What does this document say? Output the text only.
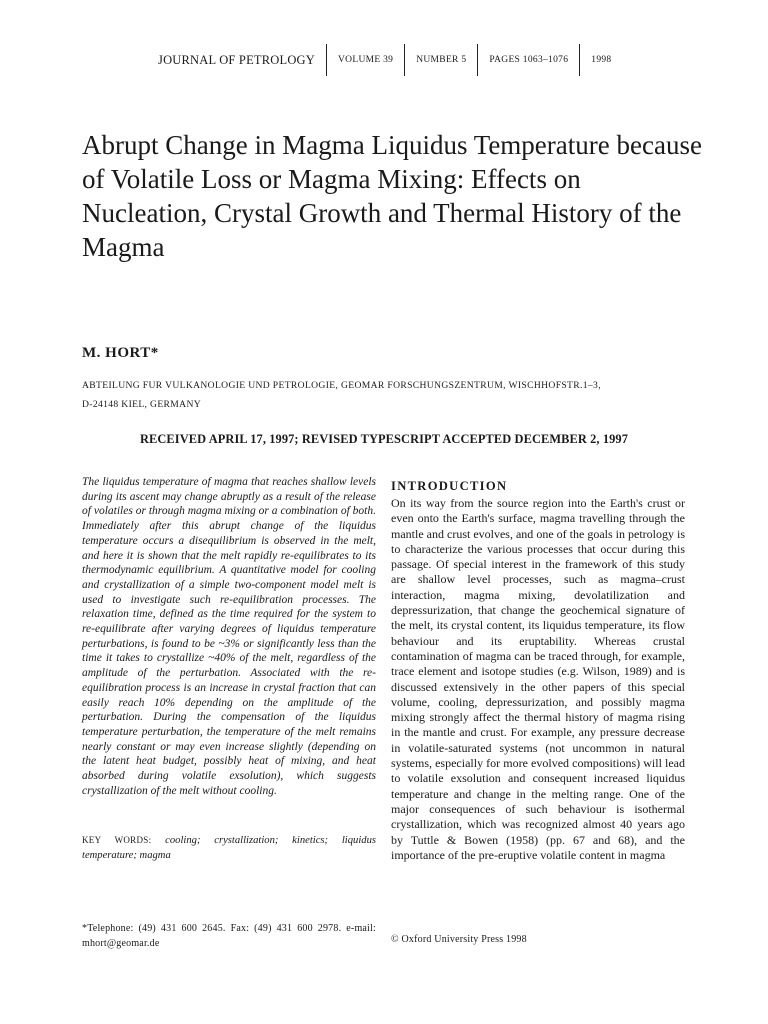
JOURNAL OF PETROLOGY	VOLUME 39	NUMBER 5	PAGES 1063–1076	1998
Abrupt Change in Magma Liquidus Temperature because of Volatile Loss or Magma Mixing: Effects on Nucleation, Crystal Growth and Thermal History of the Magma
M. HORT*
ABTEILUNG FUR VULKANOLOGIE UND PETROLOGIE, GEOMAR FORSCHUNGSZENTRUM, WISCHHOFSTR.1–3,
D-24148 KIEL, GERMANY
RECEIVED APRIL 17, 1997; REVISED TYPESCRIPT ACCEPTED DECEMBER 2, 1997

The liquidus temperature of magma that reaches shallow levels during its ascent may change abruptly as a result of the release of volatiles or through magma mixing or a combination of both. Immediately after this abrupt change of the liquidus temperature occurs a disequilibrium is observed in the melt, and here it is shown that the melt rapidly re-equilibrates to its thermodynamic equilibrium. A quantitative model for cooling and crystallization of a simple two-component model melt is used to investigate such re-equilibration processes. The relaxation time, defined as the time required for the system to re-equilibrate after varying degrees of liquidus temperature perturbations, is found to be ~3% or significantly less than the time it takes to crystallize ~40% of the melt, regardless of the amplitude of the perturbation. Associated with the re-equilibration process is an increase in crystal fraction that can easily reach 10% depending on the amplitude of the perturbation. During the compensation of the liquidus temperature perturbation, the temperature of the melt remains nearly constant or may even increase slightly (depending on the latent heat budget, possibly heat of mixing, and heat absorbed during volatile exsolution), which suggests crystallization of the melt without cooling.

KEY WORDS: cooling; crystallization; kinetics; liquidus temperature; magma
INTRODUCTION

On its way from the source region into the Earth's crust or even onto the Earth's surface, magma travelling through the mantle and crust evolves, and one of the goals in petrology is to characterize the various processes that occur during this passage. Of special interest in the framework of this study are shallow level processes, such as magma–crust interaction, magma mixing, devolatilization and depressurization, that change the geochemical signature of the melt, its crystal content, its liquidus temperature, its flow behaviour and its eruptability. Whereas crustal contamination of magma can be traced through, for example, trace element and isotope studies (e.g. Wilson, 1989) and is discussed extensively in the other papers of this special volume, cooling, depressurization, and possibly magma mixing strongly affect the thermal history of magma rising in the mantle and crust. For example, any pressure decrease in volatile-saturated systems (not uncommon in natural systems, especially for more evolved compositions) will lead to volatile exsolution and consequent increased liquidus temperature and change in the melting range. One of the major consequences of such behaviour is isothermal crystallization, which was recognized almost 40 years ago by Tuttle & Bowen (1958) (pp. 67 and 68), and the importance of the pre-eruptive volatile content in magma

*Telephone: (49) 431 600 2645. Fax: (49) 431 600 2978. e-mail: mhort@geomar.de	© Oxford University Press 1998
